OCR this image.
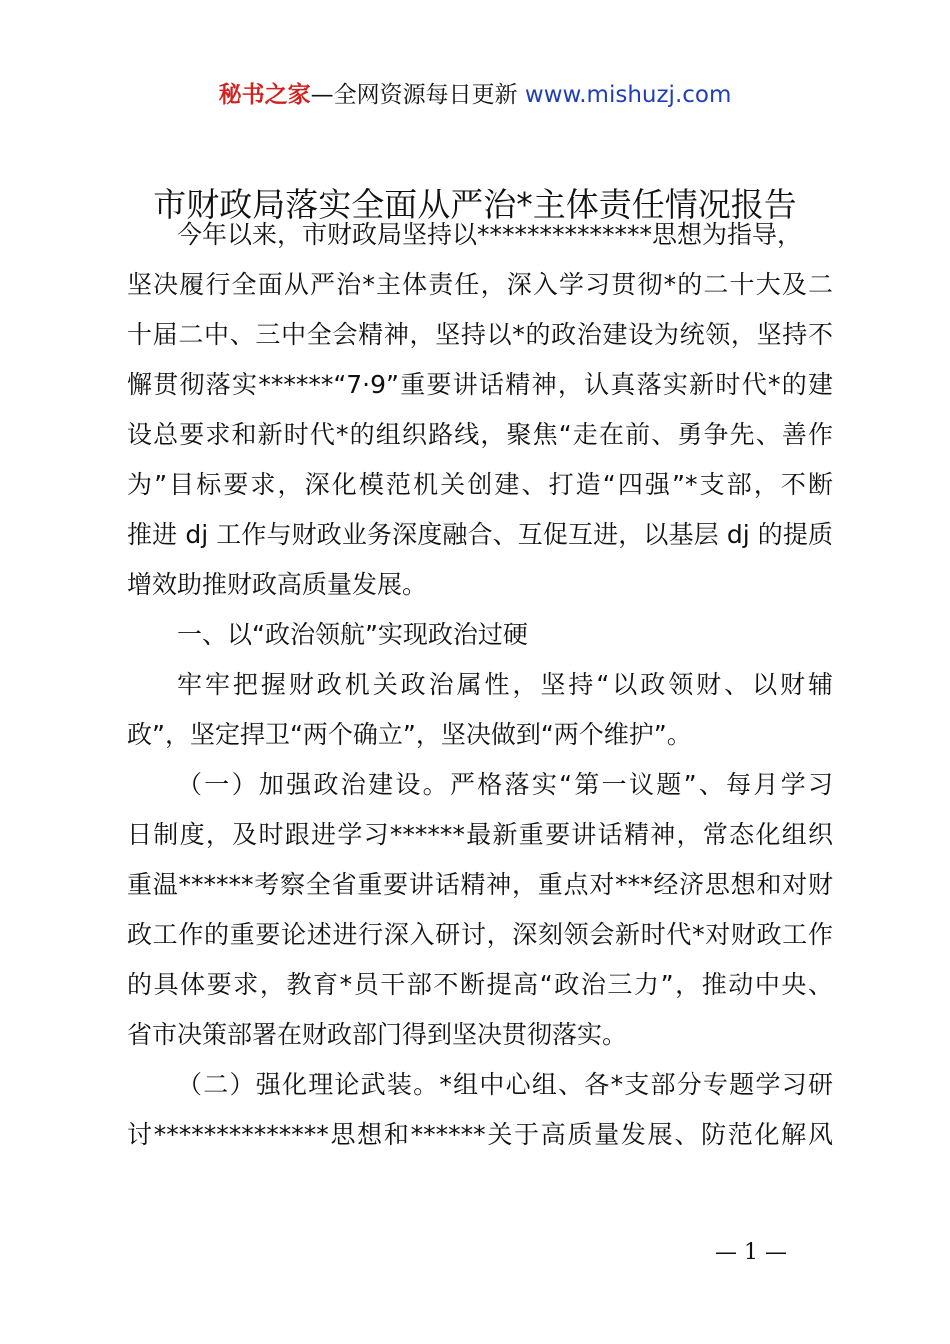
秘书之家—全网资源每日更新 www.mishuzj.com
市财政局落实全面从严治*主体责任情况报告
今年以来，市财政局坚持以**************思想为指导，
坚决履行全面从严治*主体责任，深入学习贯彻*的二十大及二
十届二中、三中全会精神，坚持以*的政治建设为统领，坚持不
懈贯彻落实******“7·9”重要讲话精神，认真落实新时代*的建
设总要求和新时代*的组织路线，聚焦“走在前、勇争先、善作
为”目标要求，深化模范机关创建、打造“四强”*支部，不断
推进 dj 工作与财政业务深度融合、互促互进，以基层 dj 的提质
增效助推财政高质量发展。
一、以“政治领航”实现政治过硬
牢牢把握财政机关政治属性，坚持“以政领财、以财辅
政”，坚定捍卫“两个确立”，坚决做到“两个维护”。
（一）加强政治建设。严格落实“第一议题”、每月学习
日制度，及时跟进学习******最新重要讲话精神，常态化组织
重温******考察全省重要讲话精神，重点对***经济思想和对财
政工作的重要论述进行深入研讨，深刻领会新时代*对财政工作
的具体要求，教育*员干部不断提高“政治三力”，推动中央、
省市决策部署在财政部门得到坚决贯彻落实。
（二）强化理论武装。*组中心组、各*支部分专题学习研
讨**************思想和******关于高质量发展、防范化解风
— 1 —
